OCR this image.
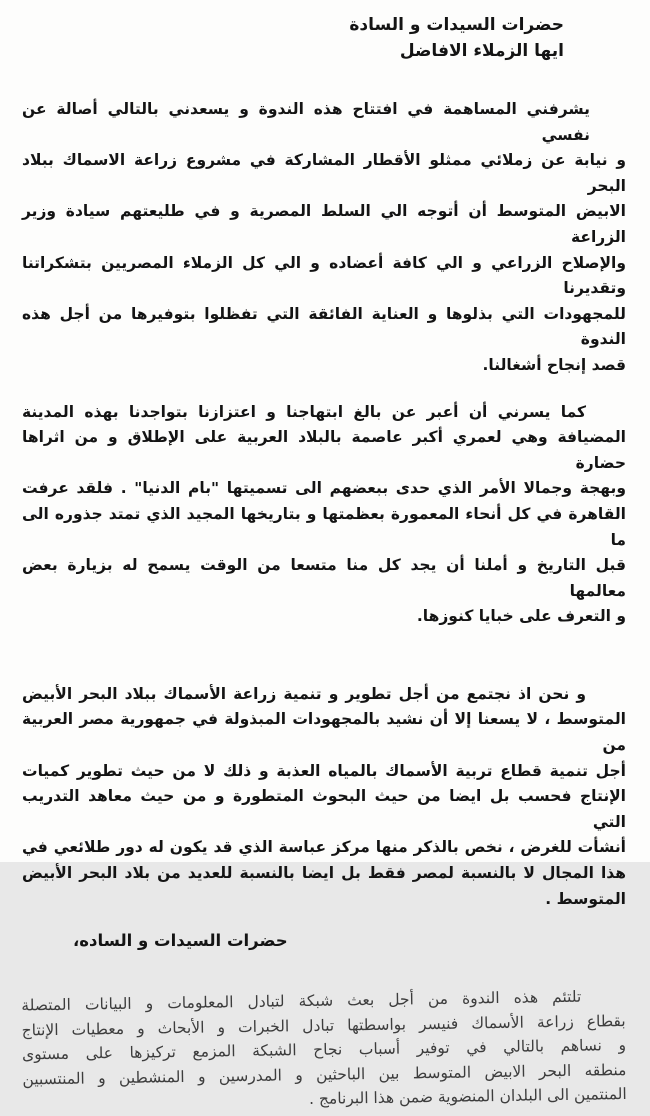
حضرات السيدات و السادة
ايها الزملاء الافاضل
يشرفني المساهمة في افتتاح هذه الندوة و يسعدني بالتالي أصالة عن نفسي
و نيابة عن زملائي ممثلو الأقطار المشاركة في مشروع زراعة الاسماك ببلاد البحر
الابيض المتوسط أن أتوجه الي السلط المصرية و في طليعتهم سيادة وزير الزراعة
والإصلاح الزراعي و الي كافة أعضاده و الي كل الزملاء المصريين بتشكراتنا وتقديرنا
للمجهودات التي بذلوها و العناية الفائقة التي تفظلوا بتوفيرها من أجل هذه الندوة
قصد إنجاح أشغالنا.
كما يسرني أن أعبر عن بالغ ابتهاجنا و اعتزازنا بتواجدنا بهذه المدينة
المضيافة وهي لعمري أكبر عاصمة بالبلاد العربية على الإطلاق و من اثراها حضارة
وبهجة وجمالا الأمر الذي حدى ببعضهم الى تسميتها "بام الدنيا" . فلقد عرفت
القاهرة في كل أنحاء المعمورة بعظمتها و بتاريخها المجيد الذي تمتد جذوره الى ما
قبل التاريخ و أملنا أن يجد كل منا متسعا من الوقت يسمح له بزيارة بعض معالمها
و التعرف على خبايا كنوزها.
و نحن اذ نجتمع من أجل تطوير و تنمية زراعة الأسماك ببلاد البحر الأبيض
المتوسط ، لا يسعنا إلا أن نشيد بالمجهودات المبذولة في جمهورية مصر العربية من
أجل تنمية قطاع تربية الأسماك بالمياه العذبة و ذلك لا من حيث تطوير كميات
الإنتاج فحسب بل ايضا من حيث البحوث المتطورة و من حيث معاهد التدريب التي
أنشأت للغرض ، نخص بالذكر منها مركز عباسة الذي قد يكون له دور طلائعي في
هذا المجال لا بالنسبة لمصر فقط بل ايضا بالنسبة للعديد من بلاد البحر الأبيض
المتوسط .
حضرات السيدات و الساده،
تلتئم هذه الندوة من أجل بعث شبكة لتبادل المعلومات و البيانات المتصلة
بقطاع زراعة الأسماك فنيسر بواسطتها تبادل الخبرات و الأبحاث و معطيات الإنتاج
و نساهم بالتالي في توفير أسباب نجاح الشبكة المزمع تركيزها على مستوى
منطقه البحر الابيض المتوسط بين الباحثين و المدرسين و المنشطين و المنتسبين
المنتمين الى البلدان المنضوية ضمن هذا البرنامج .
